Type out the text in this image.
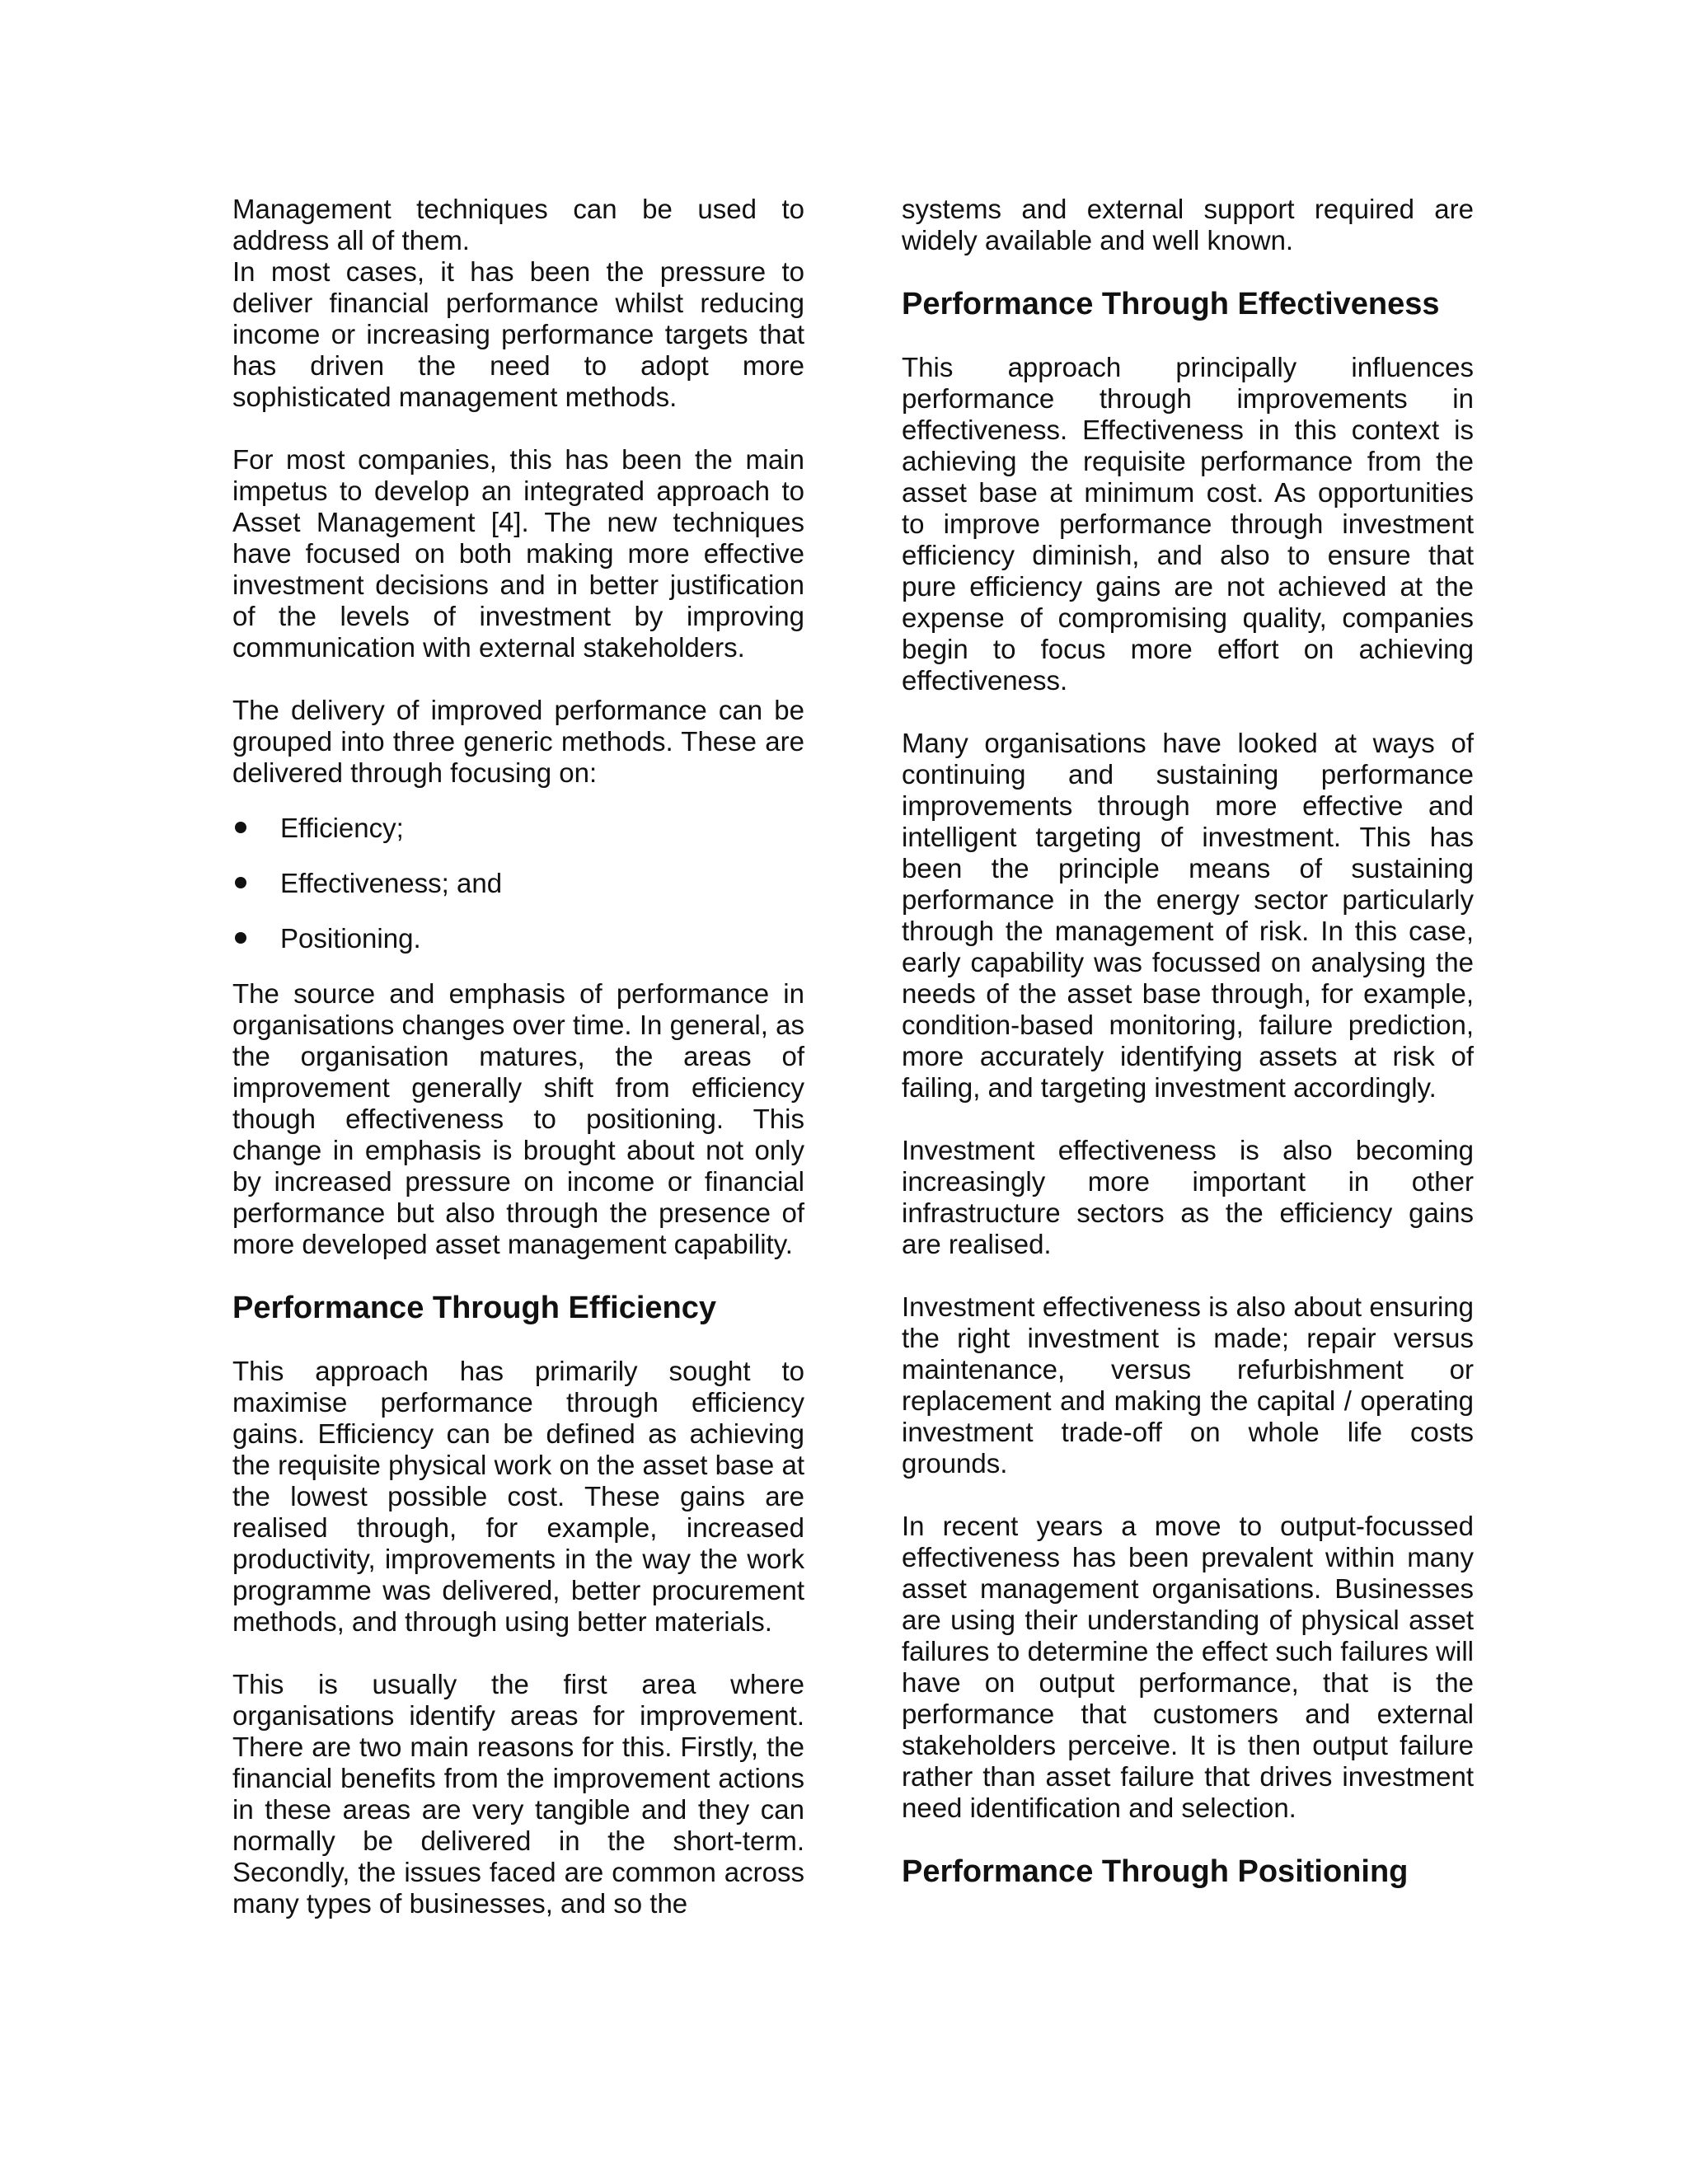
Management techniques can be used to address all of them.

In most cases, it has been the pressure to deliver financial performance whilst reducing income or increasing performance targets that has driven the need to adopt more sophisticated management methods.

For most companies, this has been the main impetus to develop an integrated approach to Asset Management [4]. The new techniques have focused on both making more effective investment decisions and in better justification of the levels of investment by improving communication with external stakeholders.

The delivery of improved performance can be grouped into three generic methods. These are delivered through focusing on:

Efficiency;
Effectiveness; and
Positioning.

The source and emphasis of performance in organisations changes over time. In general, as the organisation matures, the areas of improvement generally shift from efficiency though effectiveness to positioning. This change in emphasis is brought about not only by increased pressure on income or financial performance but also through the presence of more developed asset management capability.

Performance Through Efficiency

This approach has primarily sought to maximise performance through efficiency gains. Efficiency can be defined as achieving the requisite physical work on the asset base at the lowest possible cost. These gains are realised through, for example, increased productivity, improvements in the way the work programme was delivered, better procurement methods, and through using better materials.

This is usually the first area where organisations identify areas for improvement. There are two main reasons for this. Firstly, the financial benefits from the improvement actions in these areas are very tangible and they can normally be delivered in the short-term. Secondly, the issues faced are common across many types of businesses, and so the

systems and external support required are widely available and well known.

Performance Through Effectiveness

This approach principally influences performance through improvements in effectiveness. Effectiveness in this context is achieving the requisite performance from the asset base at minimum cost. As opportunities to improve performance through investment efficiency diminish, and also to ensure that pure efficiency gains are not achieved at the expense of compromising quality, companies begin to focus more effort on achieving effectiveness.

Many organisations have looked at ways of continuing and sustaining performance improvements through more effective and intelligent targeting of investment. This has been the principle means of sustaining performance in the energy sector particularly through the management of risk. In this case, early capability was focussed on analysing the needs of the asset base through, for example, condition-based monitoring, failure prediction, more accurately identifying assets at risk of failing, and targeting investment accordingly.

Investment effectiveness is also becoming increasingly more important in other infrastructure sectors as the efficiency gains are realised.

Investment effectiveness is also about ensuring the right investment is made; repair versus maintenance, versus refurbishment or replacement and making the capital / operating investment trade-off on whole life costs grounds.

In recent years a move to output-focussed effectiveness has been prevalent within many asset management organisations. Businesses are using their understanding of physical asset failures to determine the effect such failures will have on output performance, that is the performance that customers and external stakeholders perceive. It is then output failure rather than asset failure that drives investment need identification and selection.

Performance Through Positioning
